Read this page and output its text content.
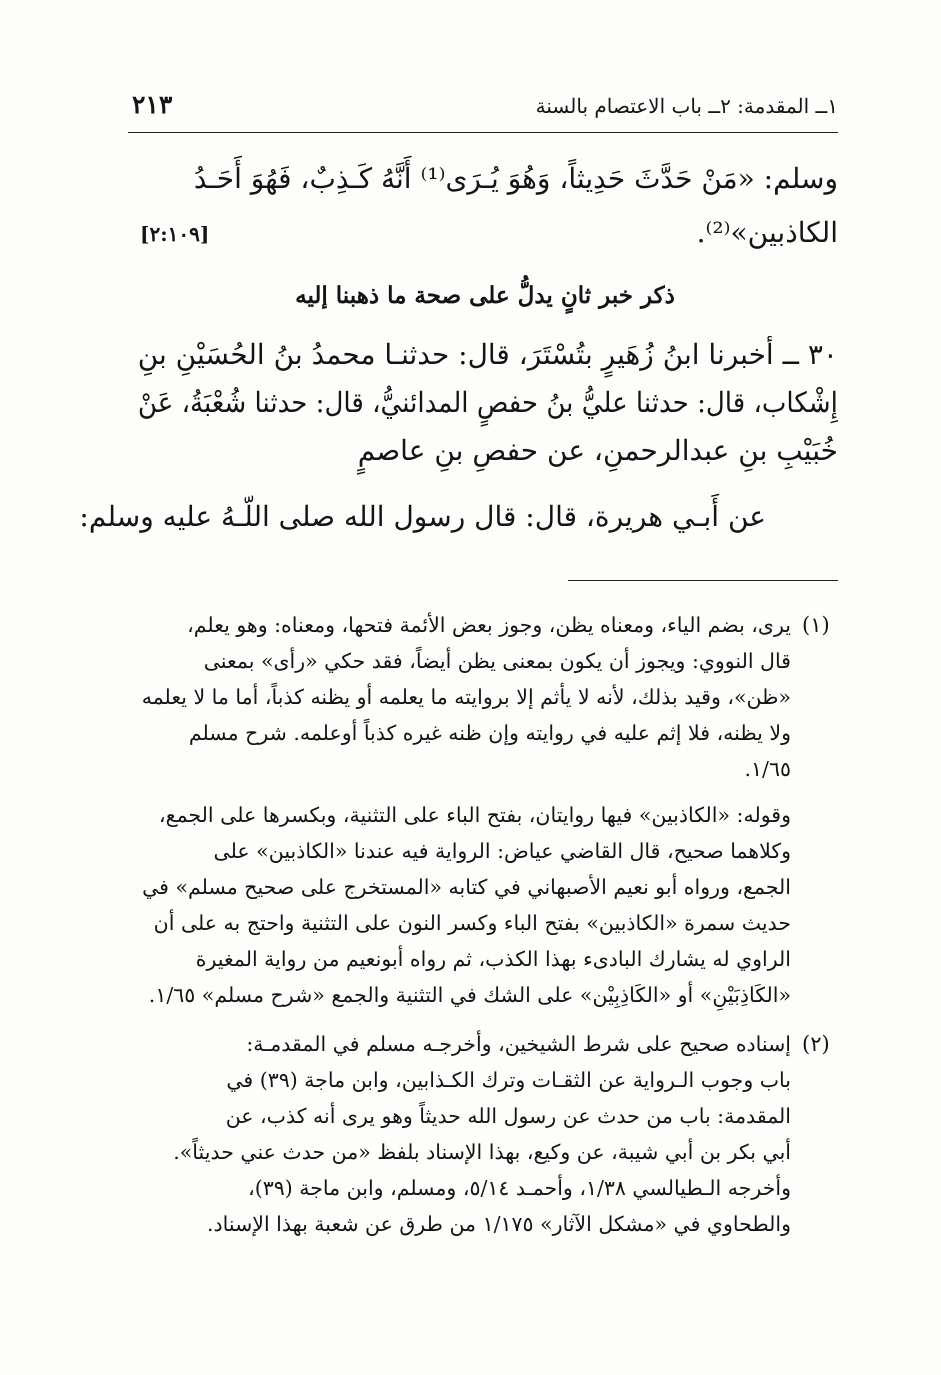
١ــ المقدمة: ٢ــ باب الاعتصام بالسنة
٢١٣
وسلم: «مَنْ حَدَّثَ حَدِيثاً، وَهُوَ يُـرَى⁽¹⁾ أَنَّهُ كَـذِبٌ، فَهُوَ أَحَـدُ
الكاذبين»⁽²⁾.
[٢:١٠٩]
ذكر خبر ثانٍ يدلُّ على صحة ما ذهبنا إليه
٣٠ ــ أخبرنا ابنُ زُهَيرٍ بتُسْتَرَ، قال: حدثنـا محمدُ بنُ الحُسَيْنِ بنِ
إِشْكاب، قال: حدثنا عليُّ بنُ حفصٍ المدائنيُّ، قال: حدثنا شُعْبَةُ، عَنْ
خُبَيْبِ بنِ عبدالرحمنِ، عن حفصِ بنِ عاصمٍ
عن أَبـي هريرة، قال: قال رسول الله صلى اللّـهُ عليه وسلم:
(١)
يرى، بضم الياء، ومعناه يظن، وجوز بعض الأئمة فتحها، ومعناه: وهو يعلم،
قال النووي: ويجوز أن يكون بمعنى يظن أيضاً، فقد حكي «رأى» بمعنى
«ظن»، وقيد بذلك، لأنه لا يأثم إلا بروايته ما يعلمه أو يظنه كذباً، أما ما لا يعلمه
ولا يظنه، فلا إثم عليه في روايته وإن ظنه غيره كذباً أوعلمه. شرح مسلم
١/٦٥.
وقوله: «الكاذبين» فيها روايتان، بفتح الباء على التثنية، وبكسرها على الجمع،
وكلاهما صحيح، قال القاضي عياض: الرواية فيه عندنا «الكاذبين» على
الجمع، ورواه أبو نعيم الأصبهاني في كتابه «المستخرج على صحيح مسلم» في
حديث سمرة «الكاذبين» بفتح الباء وكسر النون على التثنية واحتج به على أن
الراوي له يشارك البادىء بهذا الكذب، ثم رواه أبونعيم من رواية المغيرة
«الكَاذِبَيْنِ» أو «الكَاذِبِيْن» على الشك في التثنية والجمع «شرح مسلم» ١/٦٥.
(٢)
إسناده صحيح على شرط الشيخين، وأخرجـه مسلم في المقدمـة:
باب وجوب الـرواية عن الثقـات وترك الكـذابين، وابن ماجة (٣٩) في
المقدمة: باب من حدث عن رسول الله حديثاً وهو يرى أنه كذب، عن
أبي بكر بن أبي شيبة، عن وكيع، بهذا الإسناد بلفظ «من حدث عني حديثاً».
وأخرجه الـطيالسي ١/٣٨، وأحمـد ٥/١٤، ومسلم، وابن ماجة (٣٩)،
والطحاوي في «مشكل الآثار» ١/١٧٥ من طرق عن شعبة بهذا الإسناد.
